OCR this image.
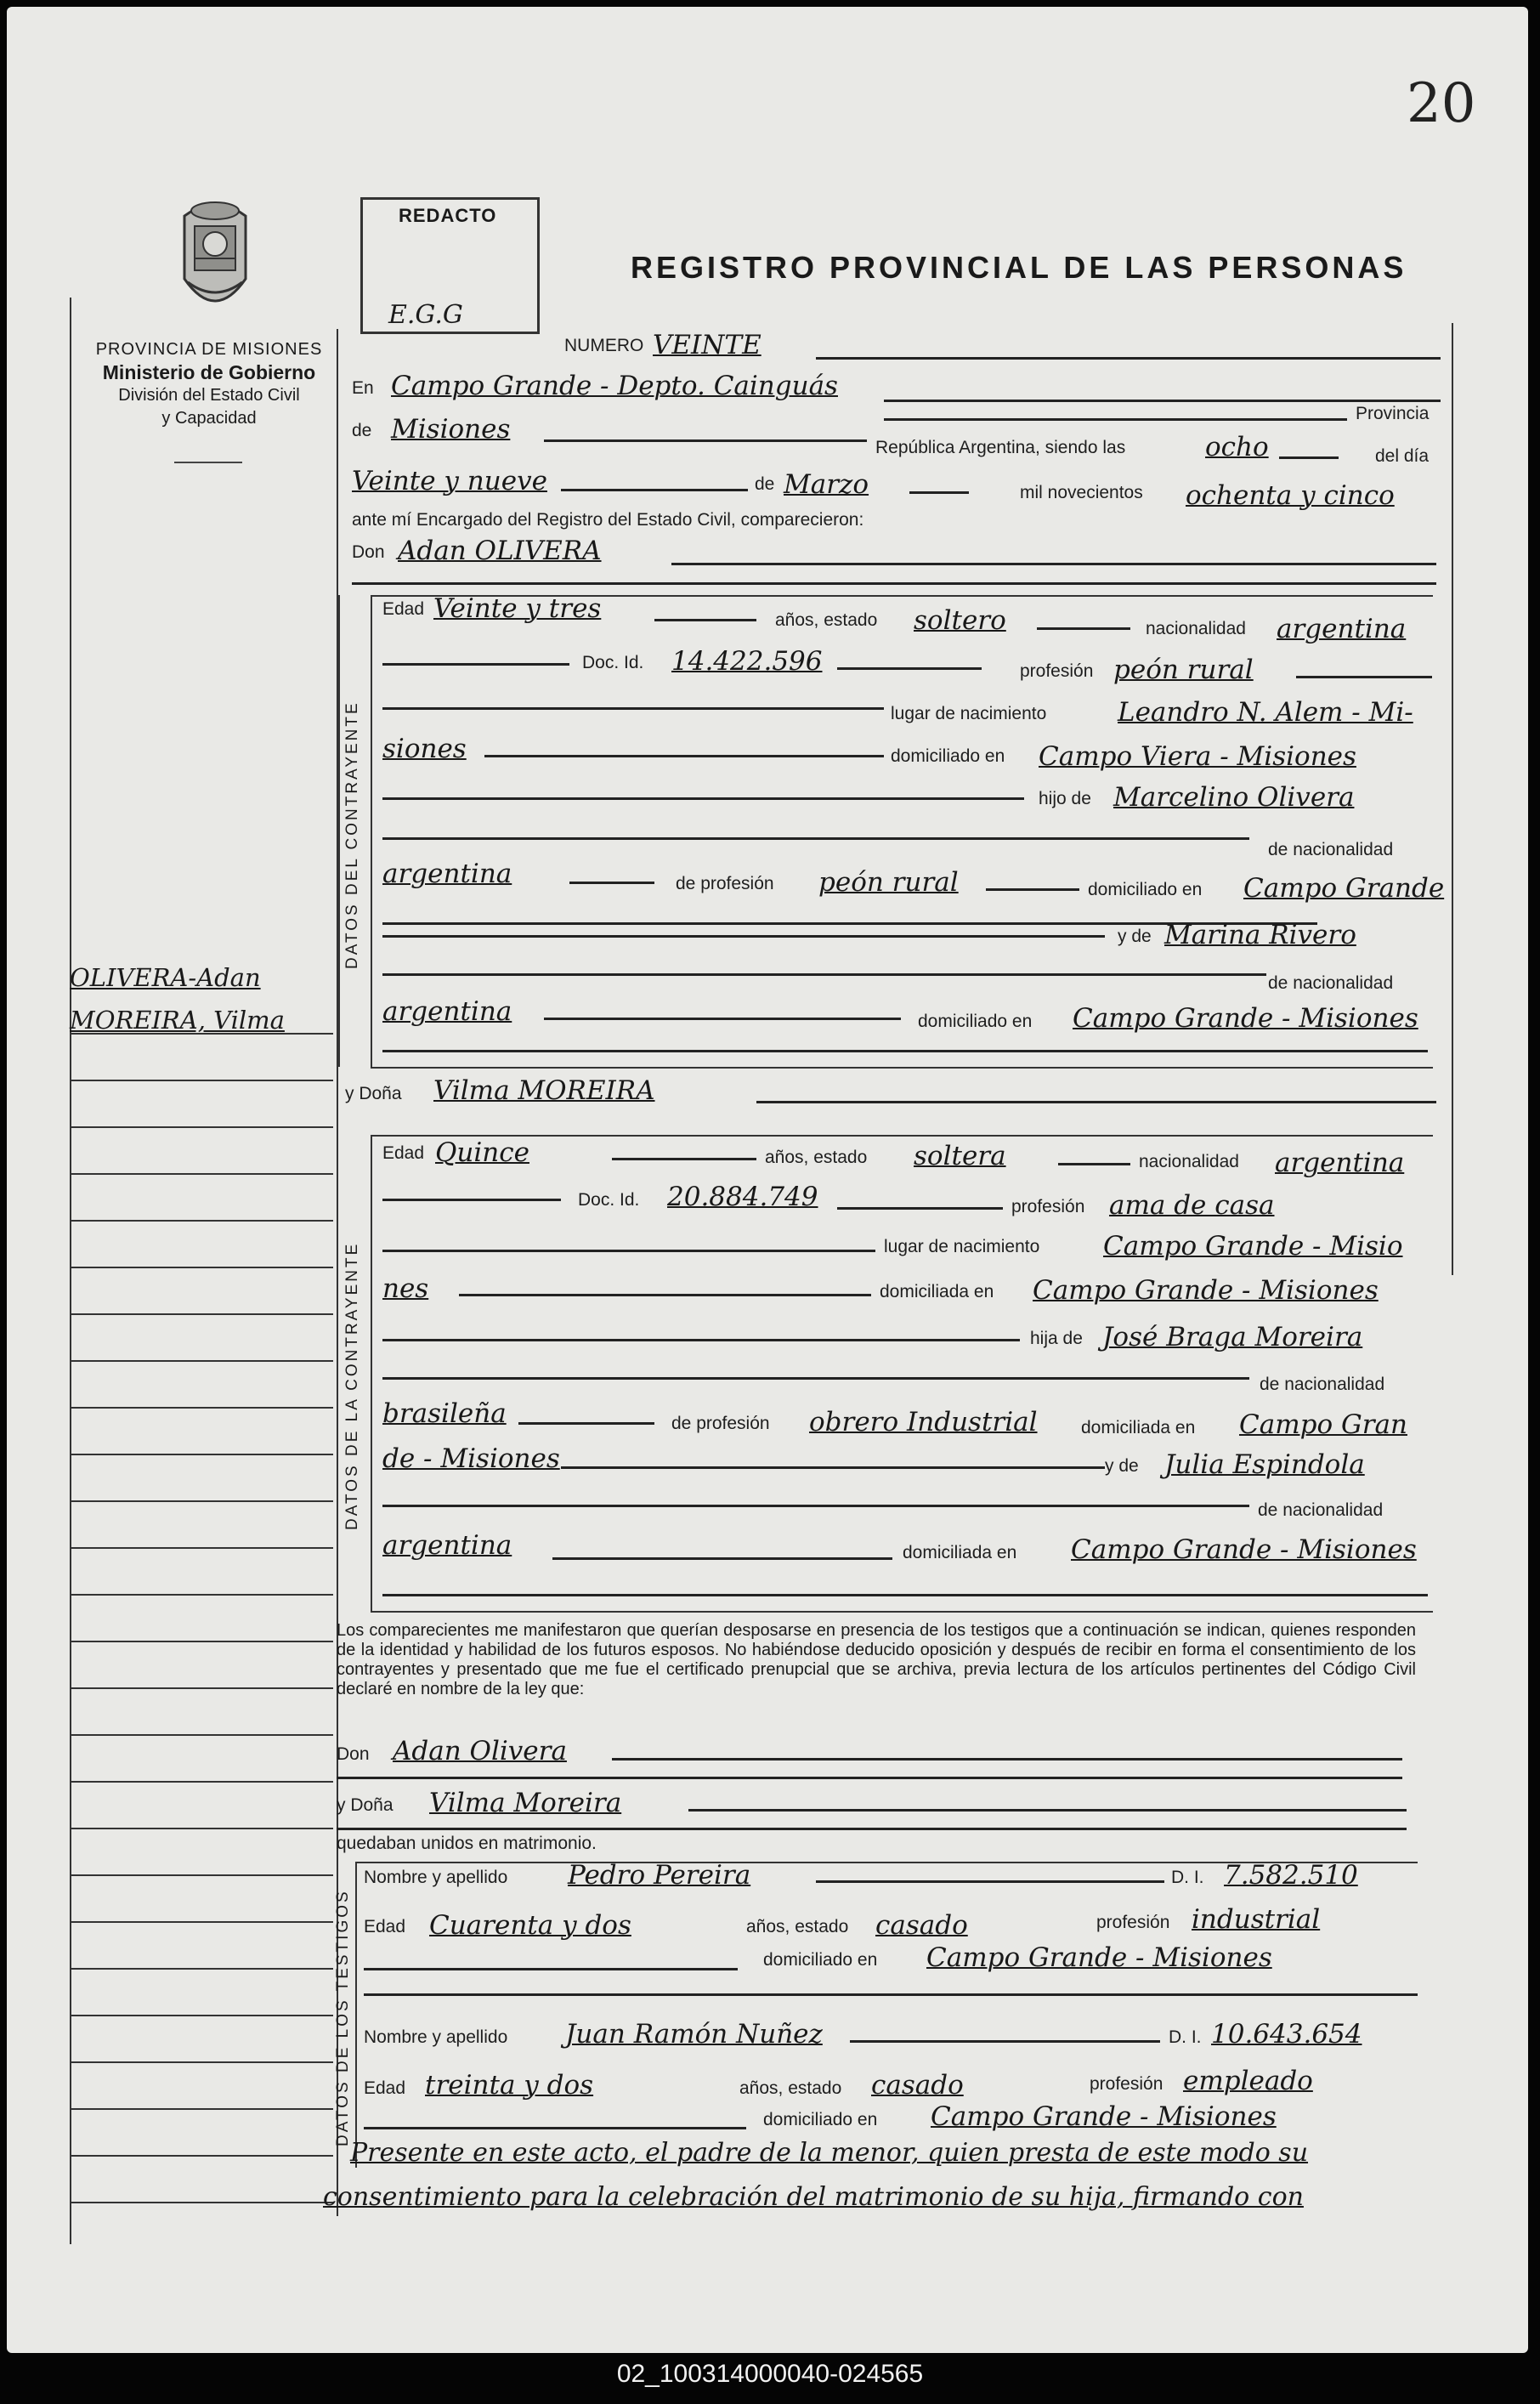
20
REDACTO
E.G.G
REGISTRO PROVINCIAL DE LAS PERSONAS
PROVINCIA DE MISIONES
Ministerio de Gobierno
División del Estado Civil
y Capacidad
OLIVERA-Adan
MOREIRA, Vilma
NUMERO VEINTE
En Campo Grande - Depto. Cainguás
de Misiones
República Argentina, siendo las	ocho	del día
Provincia
Veinte y nueve	de Marzo	mil novecientos ochenta y cinco
ante mí Encargado del Registro del Estado Civil, comparecieron:
Don Adan OLIVERA
DATOS DEL CONTRAYENTE
Edad Veinte y tres	años, estado soltero	nacionalidad argentina
Doc. Id. 14.422.596	profesión peón rural
lugar de nacimiento	Leandro N. Alem - Mi-
siones	domiciliado en Campo Viera - Misiones
hijo de Marcelino Olivera
de nacionalidad
argentina	de profesión peón rural	domiciliado en Campo Grande
y de Marina Rivero
de nacionalidad
argentina	domiciliado en Campo Grande - Misiones
y Doña Vilma MOREIRA
DATOS DE LA CONTRAYENTE
Edad Quince	años, estado soltera	nacionalidad argentina
Doc. Id. 20.884.749	profesión ama de casa
lugar de nacimiento Campo Grande - Misio
nes	domiciliada en Campo Grande - Misiones
hija de José Braga Moreira
de nacionalidad
brasileña	de profesión obrero Industrial domiciliada en Campo Gran
de - Misiones	y de Julia Espindola
de nacionalidad
argentina	domiciliada en Campo Grande - Misiones
Los comparecientes me manifestaron que querían desposarse en presencia de los testigos que a continuación se indican, quienes responden de la identidad y habilidad de los futuros esposos. No habiéndose deducido oposición y después de recibir en forma el consentimiento de los contrayentes y presentado que me fue el certificado prenupcial que se archiva, previa lectura de los artículos pertinentes del Código Civil declaré en nombre de la ley que:
Don Adan Olivera
y Doña Vilma Moreira
quedaban unidos en matrimonio.
DATOS DE LOS TESTIGOS
Nombre y apellido Pedro Pereira	D. I. 7.582.510
Edad Cuarenta y dos	años, estado casado	profesión industrial
domiciliado en Campo Grande - Misiones
Nombre y apellido Juan Ramón Nuñez	D. I. 10.643.654
Edad treinta y dos	años, estado casado	profesión empleado
domiciliado en Campo Grande - Misiones
Presente en este acto, el padre de la menor, quien presta de este modo su
consentimiento para la celebración del matrimonio de su hija, firmando con
02_100314000040-024565
